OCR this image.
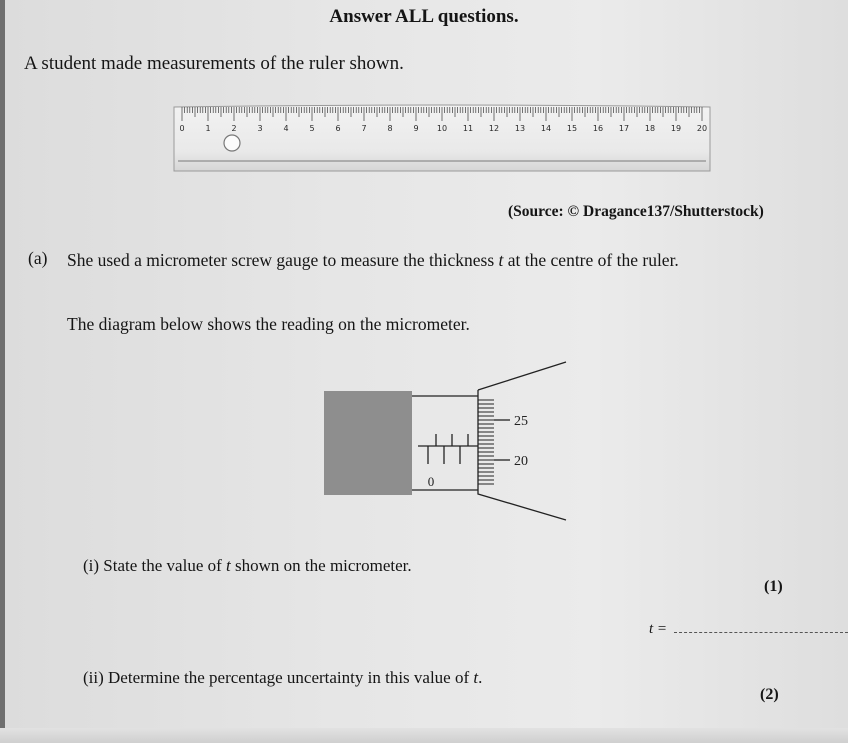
Answer ALL questions.
A student made measurements of the ruler shown.
0	1	2	3	4	5	6	7	8	9 10 11 12 13 14 15 16 17 18 19 20
(Source: © Dragance137/Shutterstock)
(a) She used a micrometer screw gauge to measure the thickness t at the centre of the ruler.
The diagram below shows the reading on the micrometer.
0
25
20
(i) State the value of t shown on the micrometer.
(1)
t =
(ii) Determine the percentage uncertainty in this value of t.
(2)
